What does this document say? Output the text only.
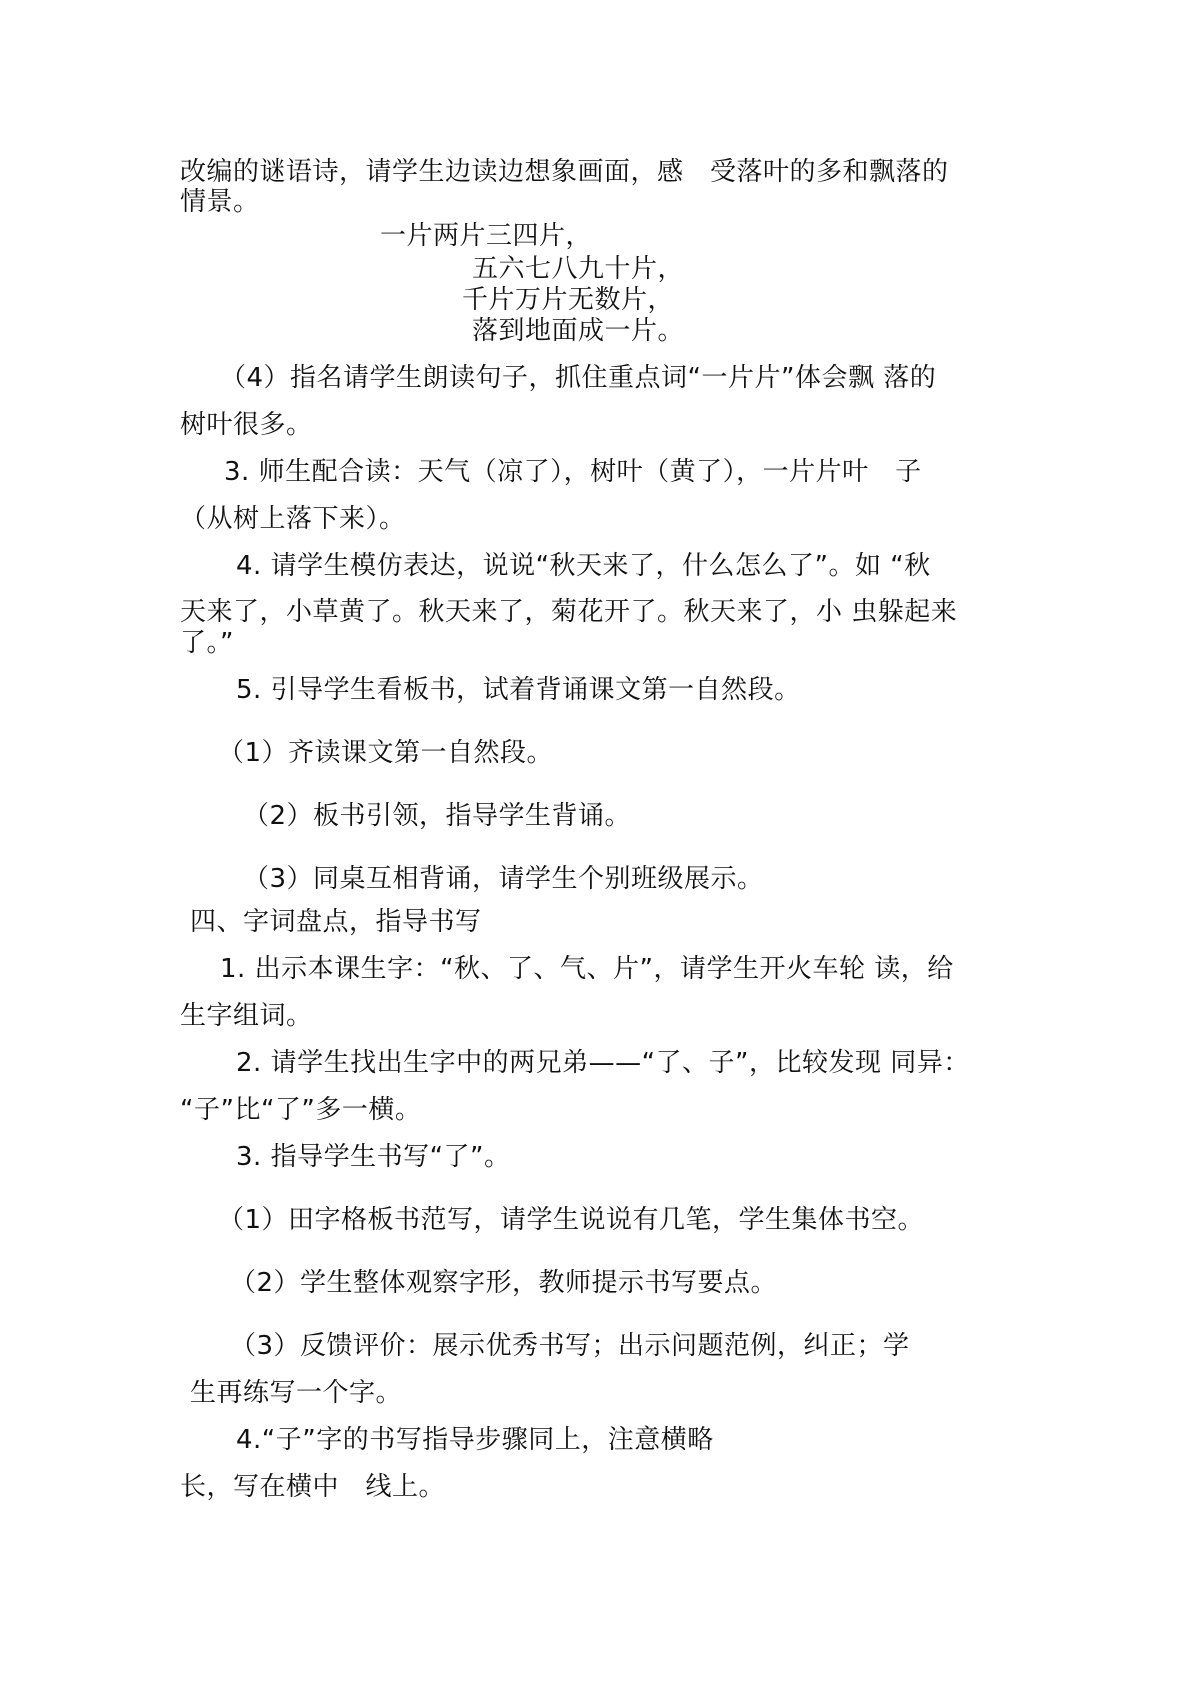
改编的谜语诗，请学生边读边想象画面，感　受落叶的多和飘落的
情景。
一片两片三四片，
五六七八九十片，
千片万片无数片，
落到地面成一片。
（4）指名请学生朗读句子，抓住重点词“一片片”体会飘 落的
树叶很多。
3. 师生配合读：天气（凉了），树叶（黄了），一片片叶　子
（从树上落下来）。
4. 请学生模仿表达，说说“秋天来了，什么怎么了”。如 “秋
天来了，小草黄了。秋天来了，菊花开了。秋天来了，小 虫躲起来
了。”
5. 引导学生看板书，试着背诵课文第一自然段。
（1）齐读课文第一自然段。
（2）板书引领，指导学生背诵。
（3）同桌互相背诵，请学生个别班级展示。
四、字词盘点，指导书写
1. 出示本课生字：“秋、了、气、片”，请学生开火车轮 读，给
生字组词。
2. 请学生找出生字中的两兄弟——“了、子”，比较发现 同异：
“子”比“了”多一横。
3. 指导学生书写“了”。
（1）田字格板书范写，请学生说说有几笔，学生集体书空。
（2）学生整体观察字形，教师提示书写要点。
（3）反馈评价：展示优秀书写；出示问题范例，纠正；学
生再练写一个字。
4.“子”字的书写指导步骤同上，注意横略
长，写在横中　线上。
